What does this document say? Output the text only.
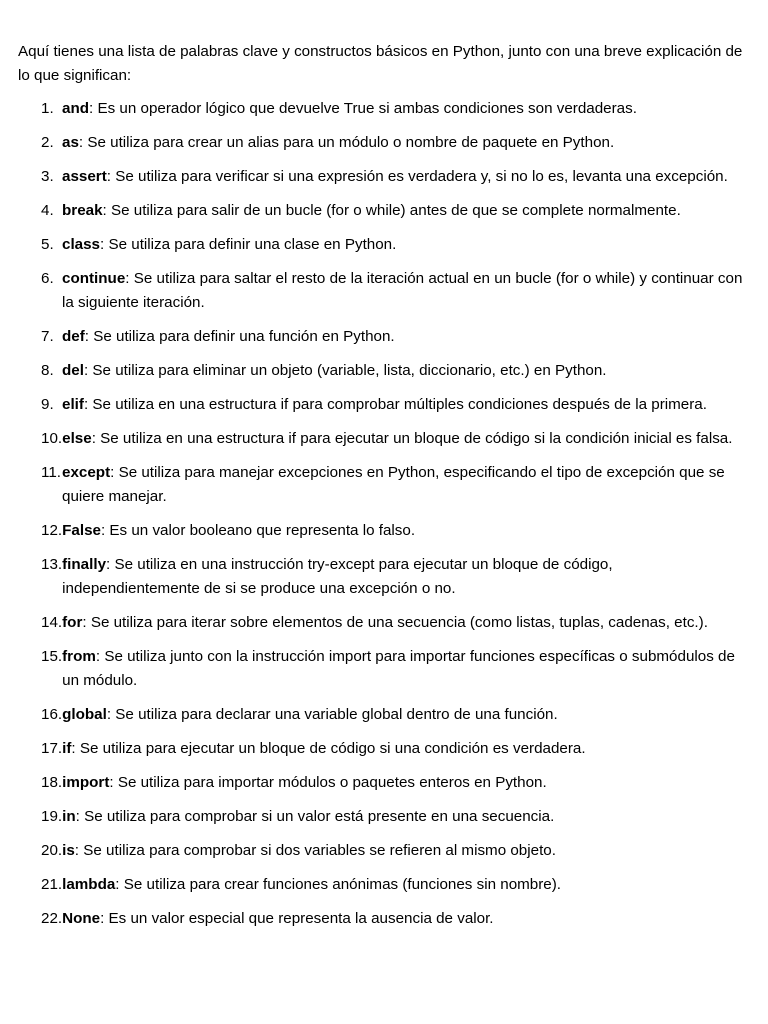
Aquí tienes una lista de palabras clave y constructos básicos en Python, junto con una breve explicación de lo que significan:

1. and: Es un operador lógico que devuelve True si ambas condiciones son verdaderas.
2. as: Se utiliza para crear un alias para un módulo o nombre de paquete en Python.
3. assert: Se utiliza para verificar si una expresión es verdadera y, si no lo es, levanta una excepción.
4. break: Se utiliza para salir de un bucle (for o while) antes de que se complete normalmente.
5. class: Se utiliza para definir una clase en Python.
6. continue: Se utiliza para saltar el resto de la iteración actual en un bucle (for o while) y continuar con la siguiente iteración.
7. def: Se utiliza para definir una función en Python.
8. del: Se utiliza para eliminar un objeto (variable, lista, diccionario, etc.) en Python.
9. elif: Se utiliza en una estructura if para comprobar múltiples condiciones después de la primera.
10. else: Se utiliza en una estructura if para ejecutar un bloque de código si la condición inicial es falsa.
11. except: Se utiliza para manejar excepciones en Python, especificando el tipo de excepción que se quiere manejar.
12. False: Es un valor booleano que representa lo falso.
13. finally: Se utiliza en una instrucción try-except para ejecutar un bloque de código, independientemente de si se produce una excepción o no.
14. for: Se utiliza para iterar sobre elementos de una secuencia (como listas, tuplas, cadenas, etc.).
15. from: Se utiliza junto con la instrucción import para importar funciones específicas o submódulos de un módulo.
16. global: Se utiliza para declarar una variable global dentro de una función.
17. if: Se utiliza para ejecutar un bloque de código si una condición es verdadera.
18. import: Se utiliza para importar módulos o paquetes enteros en Python.
19. in: Se utiliza para comprobar si un valor está presente en una secuencia.
20. is: Se utiliza para comprobar si dos variables se refieren al mismo objeto.
21. lambda: Se utiliza para crear funciones anónimas (funciones sin nombre).
22. None: Es un valor especial que representa la ausencia de valor.
